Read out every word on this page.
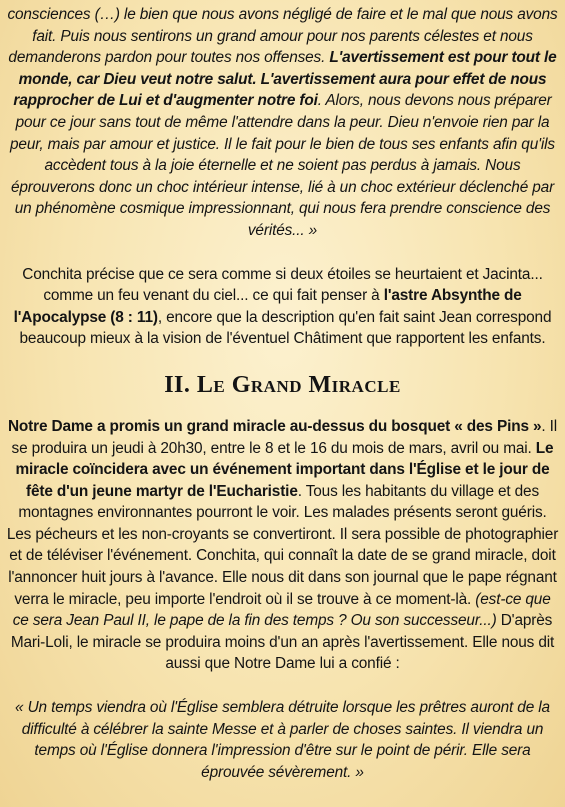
consciences (…) le bien que nous avons négligé de faire et le mal que nous avons fait. Puis nous sentirons un grand amour pour nos parents célestes et nous demanderons pardon pour toutes nos offenses. L'avertissement est pour tout le monde, car Dieu veut notre salut. L'avertissement aura pour effet de nous rapprocher de Lui et d'augmenter notre foi. Alors, nous devons nous préparer pour ce jour sans tout de même l'attendre dans la peur. Dieu n'envoie rien par la peur, mais par amour et justice. Il le fait pour le bien de tous ses enfants afin qu'ils accèdent tous à la joie éternelle et ne soient pas perdus à jamais. Nous éprouverons donc un choc intérieur intense, lié à un choc extérieur déclenché par un phénomène cosmique impressionnant, qui nous fera prendre conscience des vérités... »

Conchita précise que ce sera comme si deux étoiles se heurtaient et Jacinta... comme un feu venant du ciel... ce qui fait penser à l'astre Absynthe de l'Apocalypse (8 : 11), encore que la description qu'en fait saint Jean correspond beaucoup mieux à la vision de l'éventuel Châtiment que rapportent les enfants.

II. Le Grand Miracle

Notre Dame a promis un grand miracle au-dessus du bosquet « des Pins ». Il se produira un jeudi à 20h30, entre le 8 et le 16 du mois de mars, avril ou mai. Le miracle coïncidera avec un événement important dans l'Église et le jour de fête d'un jeune martyr de l'Eucharistie. Tous les habitants du village et des montagnes environnantes pourront le voir. Les malades présents seront guéris. Les pécheurs et les non-croyants se convertiront. Il sera possible de photographier et de téléviser l'événement. Conchita, qui connaît la date de se grand miracle, doit l'annoncer huit jours à l'avance. Elle nous dit dans son journal que le pape régnant verra le miracle, peu importe l'endroit où il se trouve à ce moment-là. (est-ce que ce sera Jean Paul II, le pape de la fin des temps ? Ou son successeur...) D'après Mari-Loli, le miracle se produira moins d'un an après l'avertissement. Elle nous dit aussi que Notre Dame lui a confié :

« Un temps viendra où l'Église semblera détruite lorsque les prêtres auront de la difficulté à célébrer la sainte Messe et à parler de choses saintes. Il viendra un temps où l'Église donnera l'impression d'être sur le point de périr. Elle sera éprouvée sévèrement. »
